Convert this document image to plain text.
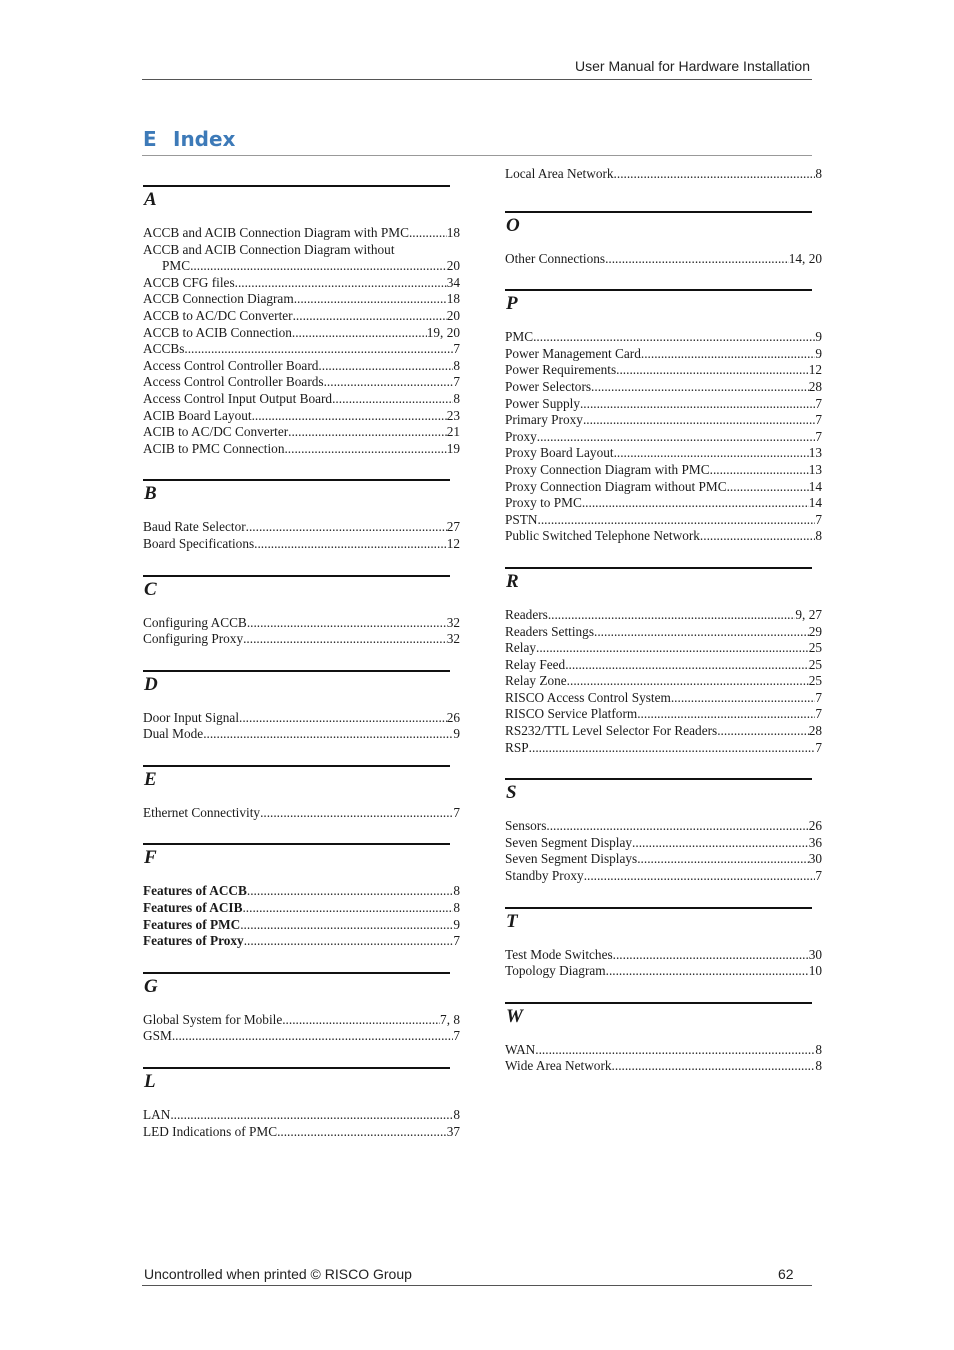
User Manual for Hardware Installation
E Index
A
ACCB and ACIB Connection Diagram with PMC .....	18
ACCB and ACIB Connection Diagram without
PMC .....	20
ACCB CFG files .....	34
ACCB Connection Diagram .....	18
ACCB to AC/DC Converter .....	20
ACCB to ACIB Connection .....	19, 20
ACCBs .....	7
Access Control Controller Board .....	8
Access Control Controller Boards .....	7
Access Control Input Output Board .....	8
ACIB Board Layout .....	23
ACIB to AC/DC Converter .....	21
ACIB to PMC Connection .....	19
B
Baud Rate Selector .....	27
Board Specifications .....	12
C
Configuring ACCB .....	32
Configuring Proxy .....	32
D
Door Input Signal .....	26
Dual Mode .....	9
E
Ethernet Connectivity .....	7
F
Features of ACCB .....	8
Features of ACIB .....	8
Features of PMC .....	9
Features of Proxy .....	7
G
Global System for Mobile .....	7, 8
GSM .....	7
L
LAN .....	8
LED Indications of PMC .....	37
Local Area Network .....	8
O
Other Connections .....	14, 20
P
PMC .....	9
Power Management Card .....	9
Power Requirements .....	12
Power Selectors .....	28
Power Supply .....	7
Primary Proxy .....	7
Proxy .....	7
Proxy Board Layout .....	13
Proxy Connection Diagram with PMC .....	13
Proxy Connection Diagram without PMC .....	14
Proxy to PMC .....	14
PSTN .....	7
Public Switched Telephone Network .....	8
R
Readers .....	9, 27
Readers Settings .....	29
Relay .....	25
Relay Feed .....	25
Relay Zone .....	25
RISCO Access Control System .....	7
RISCO Service Platform .....	7
RS232/TTL Level Selector For Readers .....	28
RSP .....	7
S
Sensors .....	26
Seven Segment Display .....	36
Seven Segment Displays .....	30
Standby Proxy .....	7
T
Test Mode Switches .....	30
Topology Diagram .....	10
W
WAN .....	8
Wide Area Network .....	8
Uncontrolled when printed © RISCO Group	62
